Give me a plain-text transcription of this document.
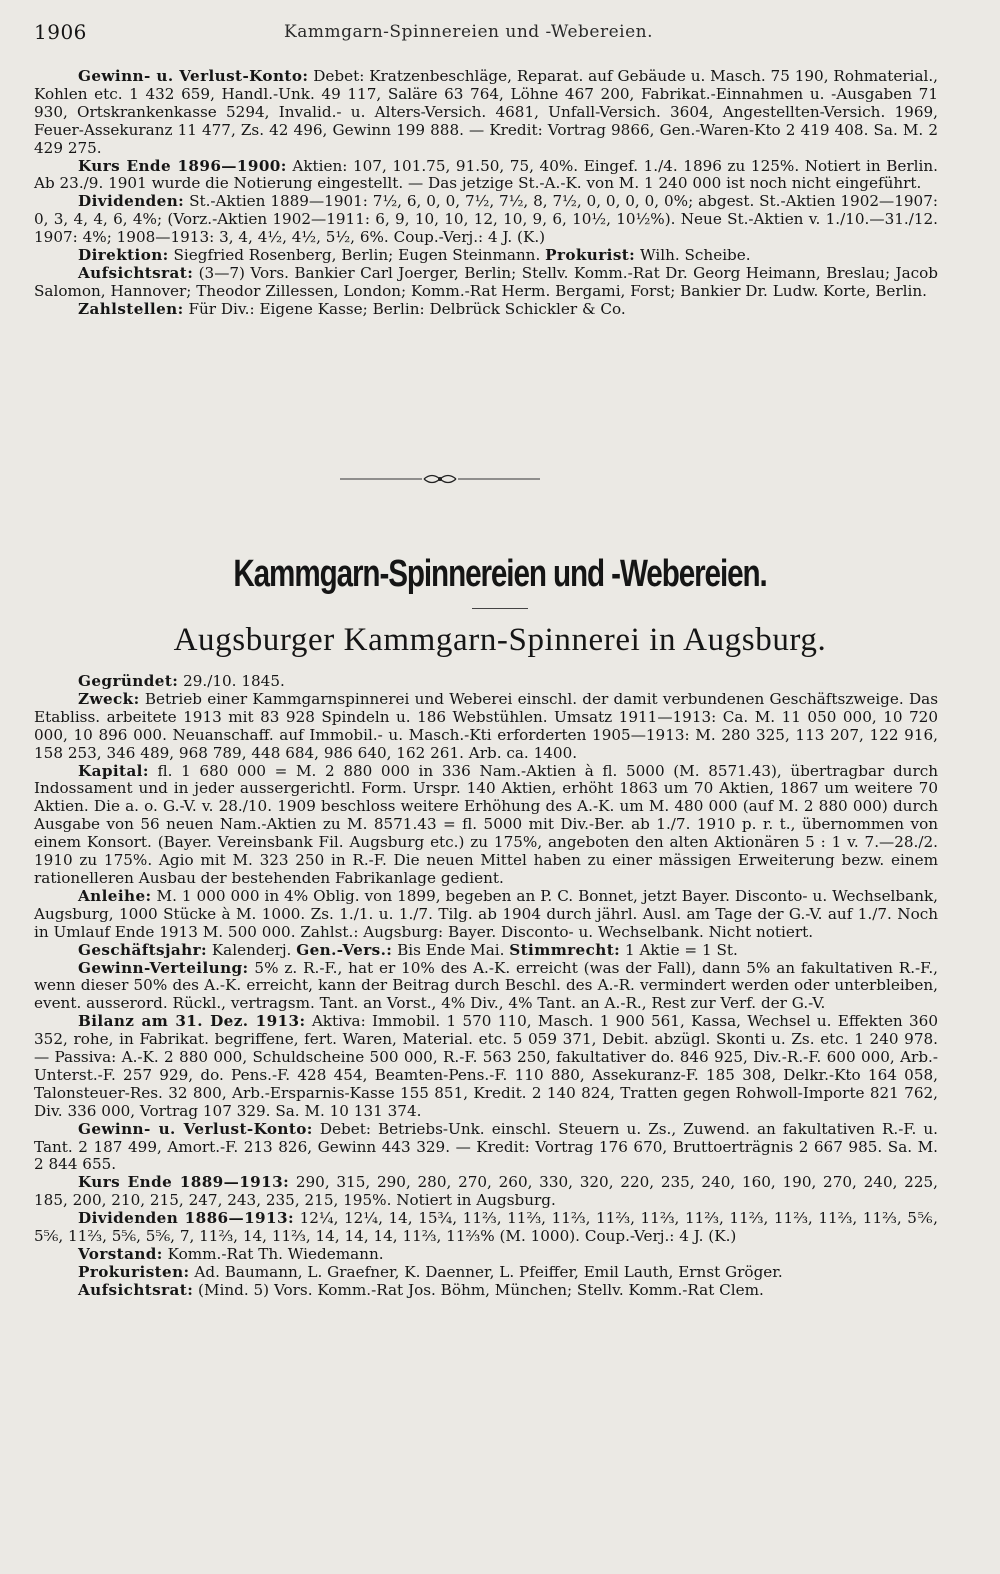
1906	Kammgarn-Spinnereien und -Webereien.

Gewinn- u. Verlust-Konto: Debet: Kratzenbeschläge, Reparat. auf Gebäude u. Masch. 75 190, Rohmaterial., Kohlen etc. 1 432 659, Handl.-Unk. 49 117, Saläre 63 764, Löhne 467 200, Fabrikat.-Einnahmen u. -Ausgaben 71 930, Ortskrankenkasse 5294, Invalid.- u. Alters-Versich. 4681, Unfall-Versich. 3604, Angestellten-Versich. 1969, Feuer-Assekuranz 11 477, Zs. 42 496, Gewinn 199 888. — Kredit: Vortrag 9866, Gen.-Waren-Kto 2 419 408. Sa. M. 2 429 275.

Kurs Ende 1896—1900: Aktien: 107, 101.75, 91.50, 75, 40%. Eingef. 1./4. 1896 zu 125%. Notiert in Berlin. Ab 23./9. 1901 wurde die Notierung eingestellt. — Das jetzige St.-A.-K. von M. 1 240 000 ist noch nicht eingeführt.

Dividenden: St.-Aktien 1889—1901: 7½, 6, 0, 0, 7½, 7½, 8, 7½, 0, 0, 0, 0, 0%; abgest. St.-Aktien 1902—1907: 0, 3, 4, 4, 6, 4%; (Vorz.-Aktien 1902—1911: 6, 9, 10, 10, 12, 10, 9, 6, 10½, 10½%). Neue St.-Aktien v. 1./10.—31./12. 1907: 4%; 1908—1913: 3, 4, 4½, 4½, 5½, 6%. Coup.-Verj.: 4 J. (K.)

Direktion: Siegfried Rosenberg, Berlin; Eugen Steinmann. Prokurist: Wilh. Scheibe.

Aufsichtsrat: (3—7) Vors. Bankier Carl Joerger, Berlin; Stellv. Komm.-Rat Dr. Georg Heimann, Breslau; Jacob Salomon, Hannover; Theodor Zillessen, London; Komm.-Rat Herm. Bergami, Forst; Bankier Dr. Ludw. Korte, Berlin.

Zahlstellen: Für Div.: Eigene Kasse; Berlin: Delbrück Schickler & Co.

Kammgarn-Spinnereien und -Webereien.
Augsburger Kammgarn-Spinnerei in Augsburg.

Gegründet: 29./10. 1845.

Zweck: Betrieb einer Kammgarnspinnerei und Weberei einschl. der damit verbundenen Geschäftszweige. Das Etabliss. arbeitete 1913 mit 83 928 Spindeln u. 186 Webstühlen. Umsatz 1911—1913: Ca. M. 11 050 000, 10 720 000, 10 896 000. Neuanschaff. auf Immobil.- u. Masch.-Kti erforderten 1905—1913: M. 280 325, 113 207, 122 916, 158 253, 346 489, 968 789, 448 684, 986 640, 162 261. Arb. ca. 1400.

Kapital: fl. 1 680 000 = M. 2 880 000 in 336 Nam.-Aktien à fl. 5000 (M. 8571.43), übertragbar durch Indossament und in jeder aussergerichtl. Form. Urspr. 140 Aktien, erhöht 1863 um 70 Aktien, 1867 um weitere 70 Aktien. Die a. o. G.-V. v. 28./10. 1909 beschloss weitere Erhöhung des A.-K. um M. 480 000 (auf M. 2 880 000) durch Ausgabe von 56 neuen Nam.-Aktien zu M. 8571.43 = fl. 5000 mit Div.-Ber. ab 1./7. 1910 p. r. t., übernommen von einem Konsort. (Bayer. Vereinsbank Fil. Augsburg etc.) zu 175%, angeboten den alten Aktionären 5 : 1 v. 7.—28./2. 1910 zu 175%. Agio mit M. 323 250 in R.-F. Die neuen Mittel haben zu einer mässigen Erweiterung bezw. einem rationelleren Ausbau der bestehenden Fabrikanlage gedient.

Anleihe: M. 1 000 000 in 4% Oblig. von 1899, begeben an P. C. Bonnet, jetzt Bayer. Disconto- u. Wechselbank, Augsburg, 1000 Stücke à M. 1000. Zs. 1./1. u. 1./7. Tilg. ab 1904 durch jährl. Ausl. am Tage der G.-V. auf 1./7. Noch in Umlauf Ende 1913 M. 500 000. Zahlst.: Augsburg: Bayer. Disconto- u. Wechselbank. Nicht notiert.

Geschäftsjahr: Kalenderj. Gen.-Vers.: Bis Ende Mai. Stimmrecht: 1 Aktie = 1 St.

Gewinn-Verteilung: 5% z. R.-F., hat er 10% des A.-K. erreicht (was der Fall), dann 5% an fakultativen R.-F., wenn dieser 50% des A.-K. erreicht, kann der Beitrag durch Beschl. des A.-R. vermindert werden oder unterbleiben, event. ausserord. Rückl., vertragsm. Tant. an Vorst., 4% Div., 4% Tant. an A.-R., Rest zur Verf. der G.-V.

Bilanz am 31. Dez. 1913: Aktiva: Immobil. 1 570 110, Masch. 1 900 561, Kassa, Wechsel u. Effekten 360 352, rohe, in Fabrikat. begriffene, fert. Waren, Material. etc. 5 059 371, Debit. abzügl. Skonti u. Zs. etc. 1 240 978. — Passiva: A.-K. 2 880 000, Schuldscheine 500 000, R.-F. 563 250, fakultativer do. 846 925, Div.-R.-F. 600 000, Arb.-Unterst.-F. 257 929, do. Pens.-F. 428 454, Beamten-Pens.-F. 110 880, Assekuranz-F. 185 308, Delkr.-Kto 164 058, Talonsteuer-Res. 32 800, Arb.-Ersparnis-Kasse 155 851, Kredit. 2 140 824, Tratten gegen Rohwoll-Importe 821 762, Div. 336 000, Vortrag 107 329. Sa. M. 10 131 374.

Gewinn- u. Verlust-Konto: Debet: Betriebs-Unk. einschl. Steuern u. Zs., Zuwend. an fakultativen R.-F. u. Tant. 2 187 499, Amort.-F. 213 826, Gewinn 443 329. — Kredit: Vortrag 176 670, Bruttoerträgnis 2 667 985. Sa. M. 2 844 655.

Kurs Ende 1889—1913: 290, 315, 290, 280, 270, 260, 330, 320, 220, 235, 240, 160, 190, 270, 240, 225, 185, 200, 210, 215, 247, 243, 235, 215, 195%. Notiert in Augsburg.

Dividenden 1886—1913: 12¼, 12¼, 14, 15¾, 11⅔, 11⅔, 11⅔, 11⅔, 11⅔, 11⅔, 11⅔, 11⅔, 11⅔, 11⅔, 5⅚, 5⅚, 11⅔, 5⅚, 5⅚, 7, 11⅔, 14, 11⅔, 14, 14, 14, 11⅔, 11⅔% (M. 1000). Coup.-Verj.: 4 J. (K.)

Vorstand: Komm.-Rat Th. Wiedemann.

Prokuristen: Ad. Baumann, L. Graefner, K. Daenner, L. Pfeiffer, Emil Lauth, Ernst Gröger.

Aufsichtsrat: (Mind. 5) Vors. Komm.-Rat Jos. Böhm, München; Stellv. Komm.-Rat Clem.
